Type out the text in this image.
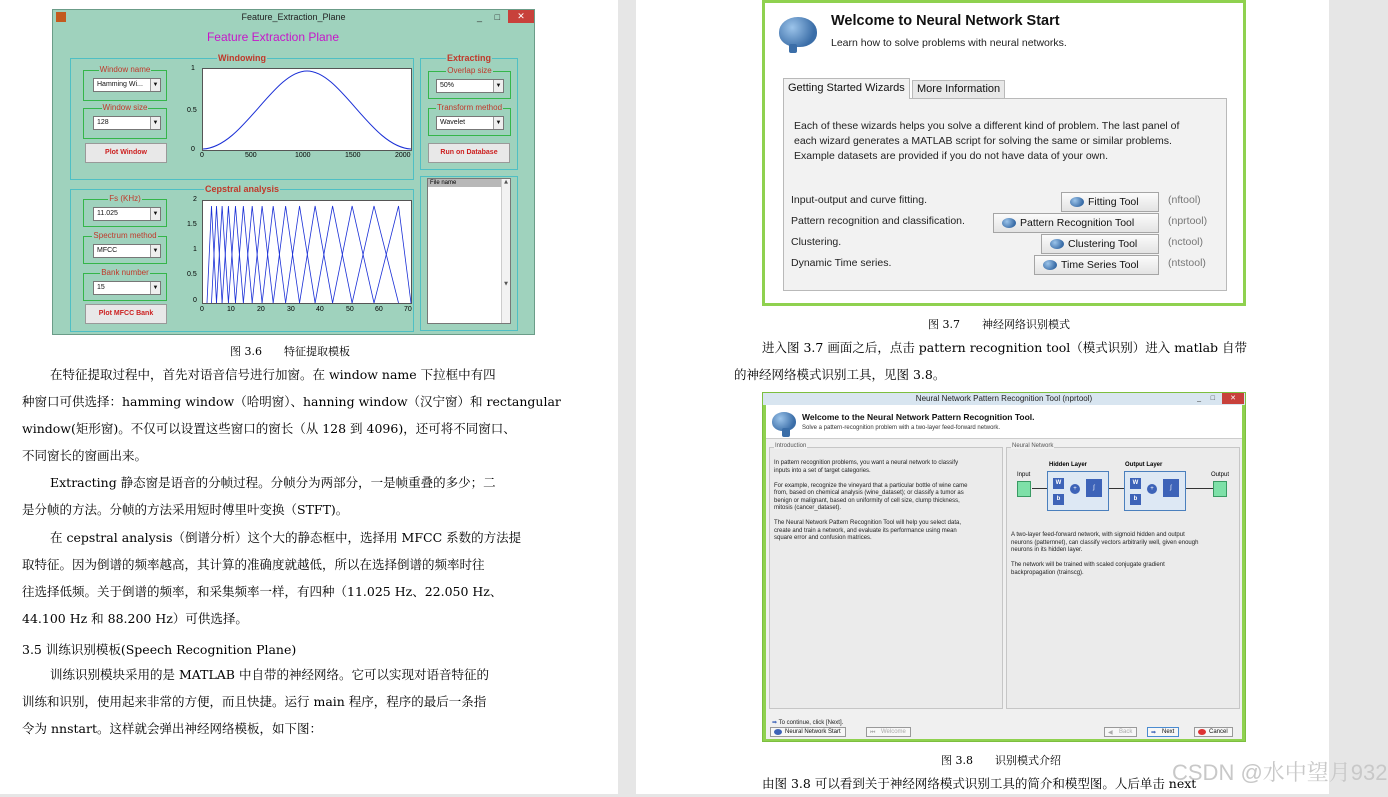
Feature_Extraction_Plane	_ □	✕
Feature Extraction Plane
Windowing
Window name
Hamming Wi...	▼
Window size
128	▼
Plot Window
1
0.5
0
0	500	1000	1500	2000
Extracting
Overlap size
50%	▼
Transform method
Wavelet	▼
Run on Database
File name	▲

▼
Cepstral analysis
Fs (KHz)
11.025	▼
Spectrum method
MFCC	▼
Bank number
15	▼
Plot MFCC Bank
2
1.5
1
0.5
0
0	10	20	30	40	50	60	70
图 3.6　　特征提取模板

在特征提取过程中，首先对语音信号进行加窗。在 window name 下拉框中有四

种窗口可供选择：hamming window（哈明窗）、hanning window（汉宁窗）和 rectangular

window(矩形窗)。不仅可以设置这些窗口的窗长（从 128 到 4096)，还可将不同窗口、

不同窗长的窗画出来。

Extracting 静态窗是语音的分帧过程。分帧分为两部分，一是帧重叠的多少；二

是分帧的方法。分帧的方法采用短时傅里叶变换（STFT)。

在 cepstral analysis（倒谱分析）这个大的静态框中，选择用 MFCC 系数的方法提

取特征。因为倒谱的频率越高，其计算的准确度就越低，所以在选择倒谱的频率时往

往选择低频。关于倒谱的频率，和采集频率一样，有四种（11.025 Hz、22.050 Hz、

44.100 Hz 和 88.200 Hz）可供选择。

3.5 训练识别模板(Speech Recognition Plane)

训练识别模块采用的是 MATLAB 中自带的神经网络。它可以实现对语音特征的

训练和识别，使用起来非常的方便，而且快捷。运行 main 程序，程序的最后一条指

令为 nnstart。这样就会弹出神经网络模板，如下图：

Welcome to Neural Network Start
Learn how to solve problems with neural networks.
Getting Started Wizards	More Information
Each of these wizards helps you solve a different kind of problem. The last panel of
each wizard generates a MATLAB script for solving the same or similar problems.
Example datasets are provided if you do not have data of your own.
Input-output and curve fitting.	Fitting Tool	(nftool)
Pattern recognition and classification.	Pattern Recognition Tool	(nprtool)
Clustering.	Clustering Tool	(nctool)
Dynamic Time series.	Time Series Tool	(ntstool)
图 3.7　　神经网络识别模式

进入图 3.7 画面之后，点击 pattern recognition tool（模式识别）进入 matlab 自带

的神经网络模式识别工具，见图 3.8。

Neural Network Pattern Recognition Tool (nprtool)	_ □	✕
Welcome to the Neural Network Pattern Recognition Tool.
Solve a pattern-recognition problem with a two-layer feed-forward network.
Introduction
In pattern recognition problems, you want a neural network to classify
inputs into a set of target categories.
For example, recognize the vineyard that a particular bottle of wine came
from, based on chemical analysis (wine_dataset); or classify a tumor as
benign or malignant, based on uniformity of cell size, clump thickness,
mitosis (cancer_dataset).
The Neural Network Pattern Recognition Tool will help you select data,
create and train a network, and evaluate its performance using mean
square error and confusion matrices.
Neural Network
Input
Hidden Layer
W
b
+	∫
Output Layer
W
b
+	∫
Output
A two-layer feed-forward network, with sigmoid hidden and output
neurons (patternnet), can classify vectors arbitrarily well, given enough
neurons in its hidden layer.
The network will be trained with scaled conjugate gradient
backpropagation (trainscg).
➡ To continue, click [Next].
Neural Network Start	⏮ Welcome	◀	Back	➡ Next	Cancel
图 3.8　　识别模式介绍

由图 3.8 可以看到关于神经网络模式识别工具的简介和模型图。人后单击 next

CSDN @水中望月932
